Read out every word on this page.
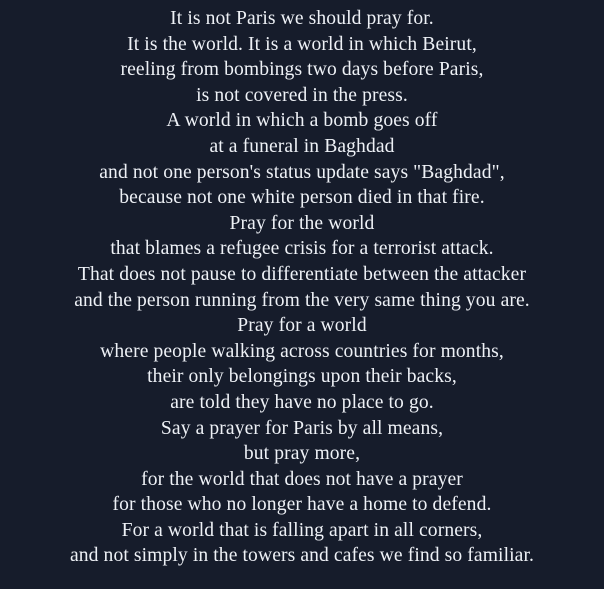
It is not Paris we should pray for.
It is the world. It is a world in which Beirut,
reeling from bombings two days before Paris,
is not covered in the press.
A world in which a bomb goes off
at a funeral in Baghdad
and not one person's status update says "Baghdad",
because not one white person died in that fire.
Pray for the world
that blames a refugee crisis for a terrorist attack.
That does not pause to differentiate between the attacker
and the person running from the very same thing you are.
Pray for a world
where people walking across countries for months,
their only belongings upon their backs,
are told they have no place to go.
Say a prayer for Paris by all means,
but pray more,
for the world that does not have a prayer
for those who no longer have a home to defend.
For a world that is falling apart in all corners,
and not simply in the towers and cafes we find so familiar.
